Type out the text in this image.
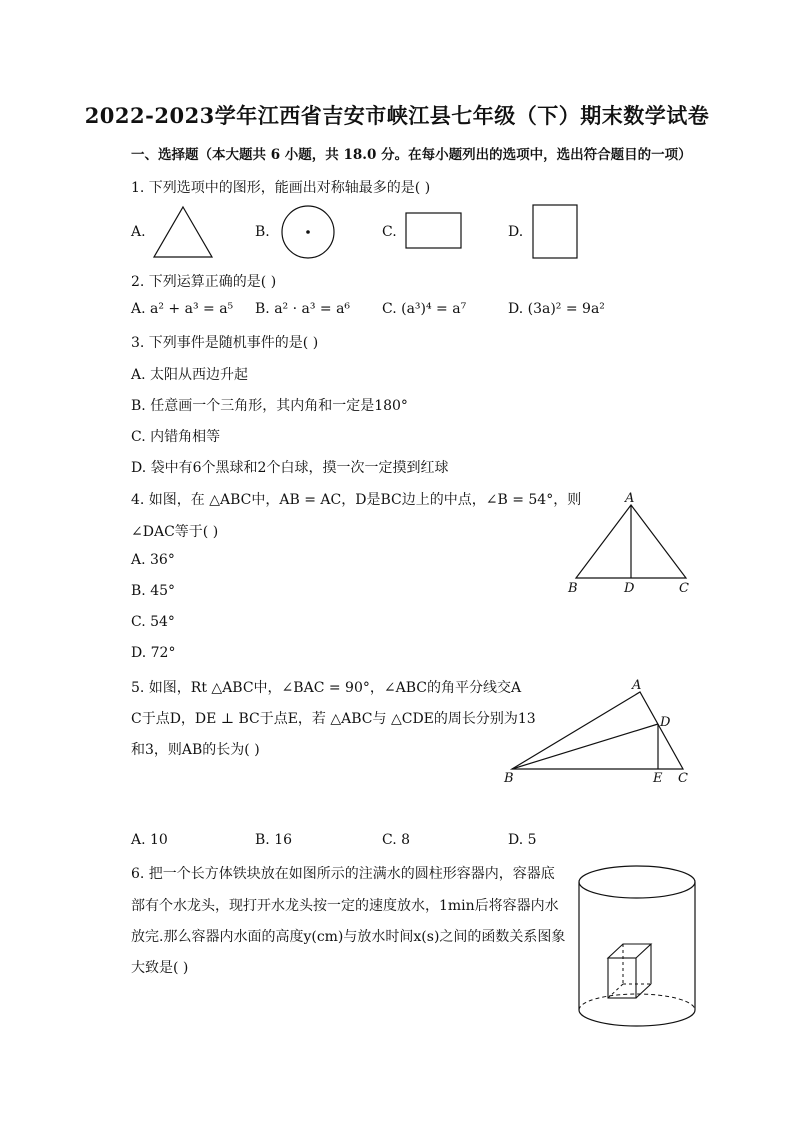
2022-2023学年江西省吉安市峡江县七年级（下）期末数学试卷
一、选择题（本大题共 6 小题，共 18.0 分。在每小题列出的选项中，选出符合题目的一项）
1. 下列选项中的图形，能画出对称轴最多的是( )
A.	B.	C.	D.
2. 下列运算正确的是( )
A. a² + a³ = a⁵ B. a² · a³ = a⁶ C. (a³)⁴ = a⁷	D. (3a)² = 9a²
3. 下列事件是随机事件的是( )
A. 太阳从西边升起
B. 任意画一个三角形，其内角和一定是180°
C. 内错角相等
D. 袋中有6个黑球和2个白球，摸一次一定摸到红球
4. 如图，在 △ABC中，AB = AC，D是BC边上的中点，∠B = 54°，则
∠DAC等于( )
A. 36°
B. 45°
C. 54°
D. 72°
A
B	D	C
5. 如图，Rt △ABC中，∠BAC = 90°，∠ABC的角平分线交A
C于点D，DE ⊥ BC于点E，若 △ABC与 △CDE的周长分别为13
和3，则AB的长为( )
A
D
B	E C
A. 10	B. 16	C. 8	D. 5
6. 把一个长方体铁块放在如图所示的注满水的圆柱形容器内，容器底
部有个水龙头，现打开水龙头按一定的速度放水，1min后将容器内水
放完.那么容器内水面的高度y(cm)与放水时间x(s)之间的函数关系图象
大致是( )
